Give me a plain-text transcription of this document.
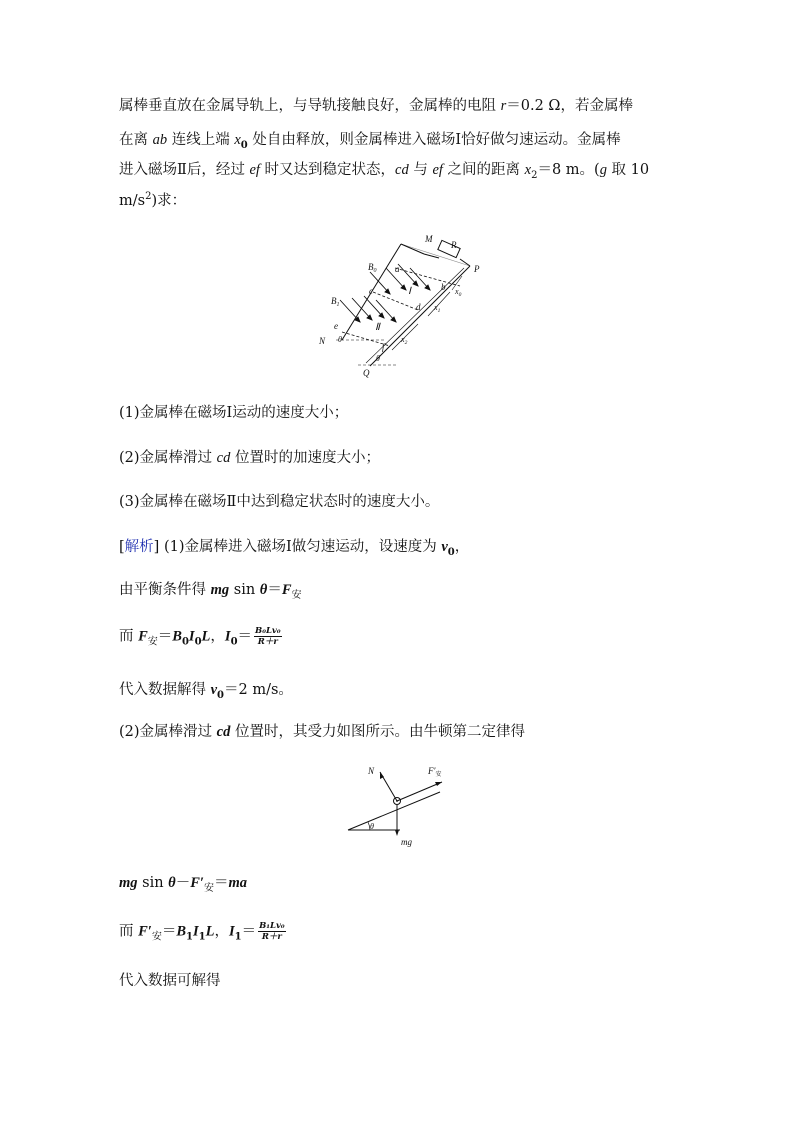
属棒垂直放在金属导轨上，与导轨接触良好，金属棒的电阻 r＝0.2 Ω，若金属棒
在离 ab 连线上端 $x_0$ 处自由释放，则金属棒进入磁场Ⅰ恰好做匀速运动。金属棒
进入磁场Ⅱ后，经过 ef 时又达到稳定状态，cd 与 ef 之间的距离 $x_2=8$ m。(g 取 10
$m/s^2$)求：
M
R
P
$B_0$ a
b
Ⅰ	$x_0$
c
$B_1$	d $x_1$
e	Ⅱ
$x_2$
N θ
f
θ
Q
(1)金属棒在磁场Ⅰ运动的速度大小；
(2)金属棒滑过 cd 位置时的加速度大小；
(3)金属棒在磁场Ⅱ中达到稳定状态时的速度大小。
[解析] (1)金属棒进入磁场Ⅰ做匀速运动，设速度为 $v_0$，
由平衡条件得 mg $\sin \theta=F_安$
而 $F_安=B_0I_0L$，$I_0= \frac{\text{B₀Lv₀}}{R+r}$
代入数据解得 $v_0=2$ m/s。
(2)金属棒滑过 cd 位置时，其受力如图所示。由牛顿第二定律得
N	$F'_安$
θ
mg
mg $\sin \theta-F'_安=ma$
而 $F'_安=B_1I_1L$，$I_1= \frac{\text{B₁Lv₀}}{R+r}$
代入数据可解得
